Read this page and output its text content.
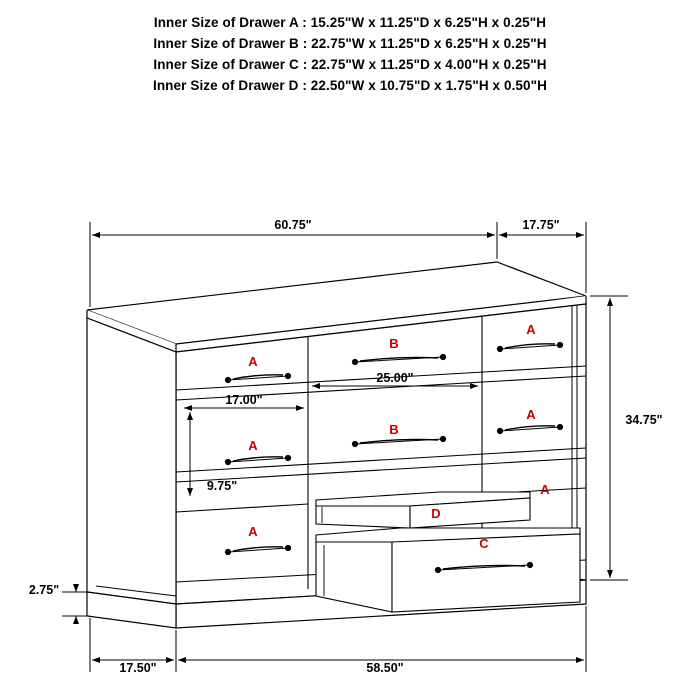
Inner Size of Drawer A : 15.25"W x 11.25"D x 6.25"H x 0.25"H
Inner Size of Drawer B : 22.75"W x 11.25"D x 6.25"H x 0.25"H
Inner Size of Drawer C : 22.75"W x 11.25"D x 4.00"H x 0.25"H
Inner Size of Drawer D : 22.50"W x 10.75"D x 1.75"H x 0.50"H
60.75"	17.75"
17.00"
25.00"
9.75"
34.75"
2.75"
17.50"	58.50"
A
B
A
A
B
A
A
A
D
C
